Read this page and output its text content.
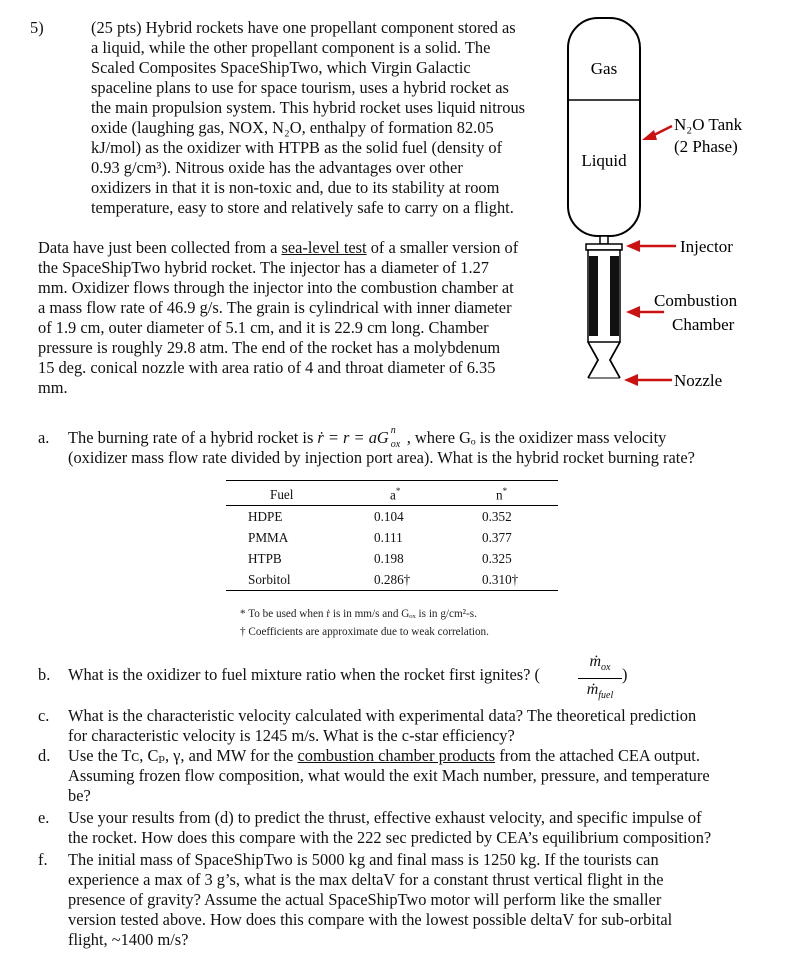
5)	(25 pts) Hybrid rockets have one propellant component stored as
a liquid, while the other propellant component is a solid. The
Scaled Composites SpaceShipTwo, which Virgin Galactic
spaceline plans to use for space tourism, uses a hybrid rocket as
the main propulsion system. This hybrid rocket uses liquid nitrous
oxide (laughing gas, NOX, N₂O, enthalpy of formation 82.05
kJ/mol) as the oxidizer with HTPB as the solid fuel (density of
0.93 g/cm³). Nitrous oxide has the advantages over other
oxidizers in that it is non-toxic and, due to its stability at room
temperature, easy to store and relatively safe to carry on a flight.
Data have just been collected from a sea-level test of a smaller version of
the SpaceShipTwo hybrid rocket. The injector has a diameter of 1.27
mm. Oxidizer flows through the injector into the combustion chamber at
a mass flow rate of 46.9 g/s. The grain is cylindrical with inner diameter
of 1.9 cm, outer diameter of 5.1 cm, and it is 22.9 cm long. Chamber
pressure is roughly 29.8 atm. The end of the rocket has a molybdenum
15 deg. conical nozzle with area ratio of 4 and throat diameter of 6.35
mm.
Gas
Liquid
N₂O Tank
(2 Phase)
Injector
Combustion
Chamber
Nozzle
a. The burning rate of a hybrid rocket is ṙ = r = aG n
ox , where Gₒ is the oxidizer mass velocity
(oxidizer mass flow rate divided by injection port area). What is the hybrid rocket burning rate?
Fuel	a*	n*
HDPE	0.104	0.352
PMMA	0.111	0.377
HTPB	0.198	0.325
Sorbitol	0.286†	0.310†
* To be used when ṙ is in mm/s and Gₒₓ is in g/cm²-s.
† Coefficients are approximate due to weak correlation.
b. What is the oxidizer to fuel mixture ratio when the rocket first ignites? (
ṁ$_{ox}$
ṁ$_{fuel}$
)
c. What is the characteristic velocity calculated with experimental data? The theoretical prediction
for characteristic velocity is 1245 m/s. What is the c-star efficiency?
d. Use the Tᴄ, Cₚ, γ, and MW for the combustion chamber products from the attached CEA output.
Assuming frozen flow composition, what would the exit Mach number, pressure, and temperature
be?
e. Use your results from (d) to predict the thrust, effective exhaust velocity, and specific impulse of
the rocket. How does this compare with the 222 sec predicted by CEA’s equilibrium composition?
f. The initial mass of SpaceShipTwo is 5000 kg and final mass is 1250 kg. If the tourists can
experience a max of 3 g’s, what is the max deltaV for a constant thrust vertical flight in the
presence of gravity? Assume the actual SpaceShipTwo motor will perform like the smaller
version tested above. How does this compare with the lowest possible deltaV for sub-orbital
flight, ~1400 m/s?
